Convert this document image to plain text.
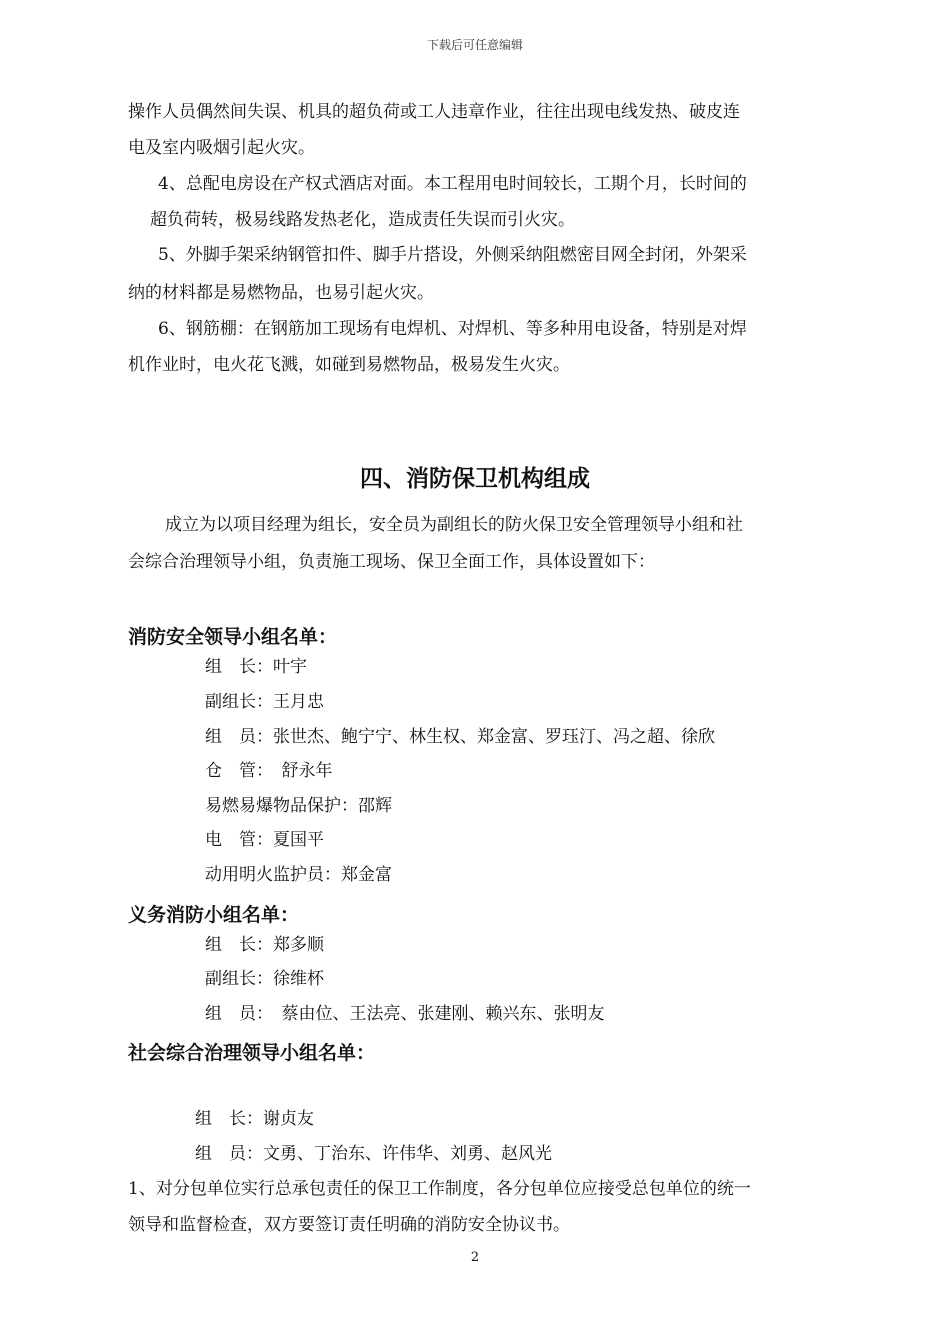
下载后可任意编辑
操作人员偶然间失误、机具的超负荷或工人违章作业，往往出现电线发热、破皮连
电及室内吸烟引起火灾。
4、总配电房设在产权式酒店对面。本工程用电时间较长，工期个月，长时间的
超负荷转，极易线路发热老化，造成责任失误而引火灾。
5、外脚手架采纳钢管扣件、脚手片搭设，外侧采纳阻燃密目网全封闭，外架采
纳的材料都是易燃物品，也易引起火灾。
6、钢筋棚：在钢筋加工现场有电焊机、对焊机、等多种用电设备，特别是对焊
机作业时，电火花飞溅，如碰到易燃物品，极易发生火灾。
四、消防保卫机构组成
成立为以项目经理为组长，安全员为副组长的防火保卫安全管理领导小组和社
会综合治理领导小组，负责施工现场、保卫全面工作，具体设置如下：
消防安全领导小组名单：
组　长：叶宇
副组长：王月忠
组　员：张世杰、鲍宁宁、林生权、郑金富、罗珏汀、冯之超、徐欣
仓　管：　舒永年
易燃易爆物品保护：邵辉
电　管：夏国平
动用明火监护员：郑金富
义务消防小组名单：
组　长：郑多顺
副组长：徐维杯
组　员：　蔡由位、王法亮、张建刚、赖兴东、张明友
社会综合治理领导小组名单：
组　长：谢贞友
组　员：文勇、丁治东、许伟华、刘勇、赵风光
1、对分包单位实行总承包责任的保卫工作制度，各分包单位应接受总包单位的统一
领导和监督检查，双方要签订责任明确的消防安全协议书。
2
